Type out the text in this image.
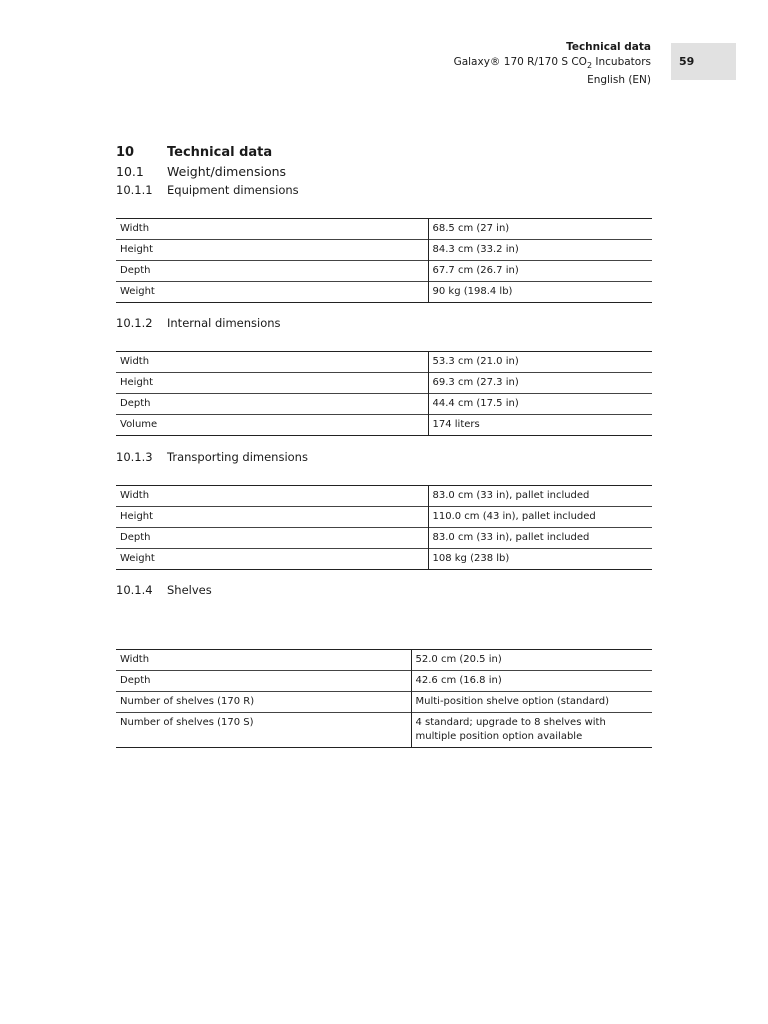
Technical data
Galaxy® 170 R/170 S $CO_2$ Incubators
English (EN)
59
10	Technical data
10.1 Weight/dimensions
10.1.1 Equipment dimensions
Width	68.5 cm (27 in)
Height	84.3 cm (33.2 in)
Depth	67.7 cm (26.7 in)
Weight	90 kg (198.4 lb)
10.1.2 Internal dimensions
Width	53.3 cm (21.0 in)
Height	69.3 cm (27.3 in)
Depth	44.4 cm (17.5 in)
Volume	174 liters
10.1.3 Transporting dimensions
Width	83.0 cm (33 in), pallet included
Height	110.0 cm (43 in), pallet included
Depth	83.0 cm (33 in), pallet included
Weight	108 kg (238 lb)
10.1.4 Shelves
Width	52.0 cm (20.5 in)
Depth	42.6 cm (16.8 in)
Number of shelves (170 R)	Multi-position shelve option (standard)
Number of shelves (170 S)	4 standard; upgrade to 8 shelves with multiple position option available
